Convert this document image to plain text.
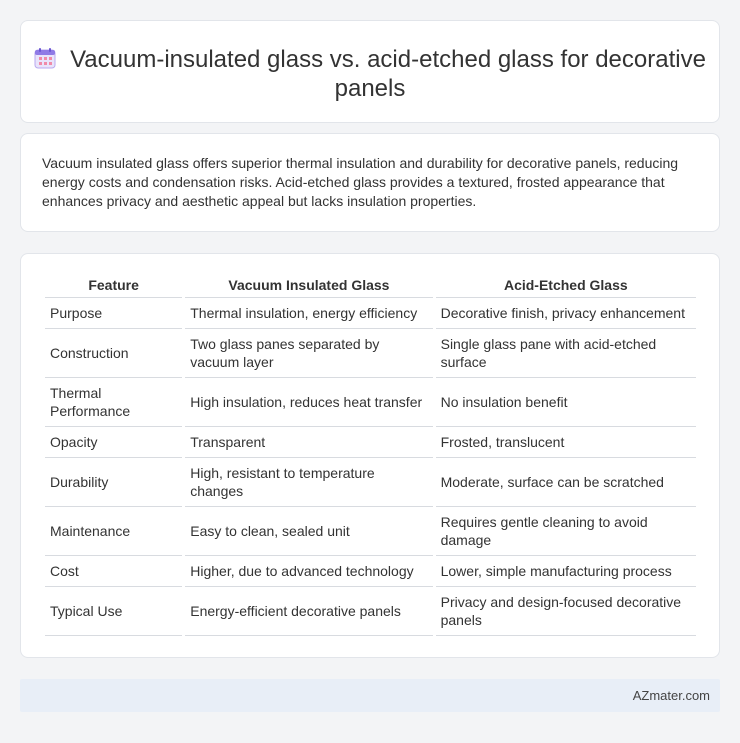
Vacuum-insulated glass vs. acid-etched glass for decorative panels

Vacuum insulated glass offers superior thermal insulation and durability for decorative panels, reducing energy costs and condensation risks. Acid-etched glass provides a textured, frosted appearance that enhances privacy and aesthetic appeal but lacks insulation properties.

Feature	Vacuum Insulated Glass	Acid-Etched Glass
Purpose	Thermal insulation, energy efficiency	Decorative finish, privacy enhancement
Construction	Two glass panes separated by vacuum layer	Single glass pane with acid-etched surface
Thermal Performance	High insulation, reduces heat transfer	No insulation benefit
Opacity	Transparent	Frosted, translucent
Durability	High, resistant to temperature changes	Moderate, surface can be scratched
Maintenance	Easy to clean, sealed unit	Requires gentle cleaning to avoid damage
Cost	Higher, due to advanced technology	Lower, simple manufacturing process
Typical Use	Energy-efficient decorative panels	Privacy and design-focused decorative panels
AZmater.com
